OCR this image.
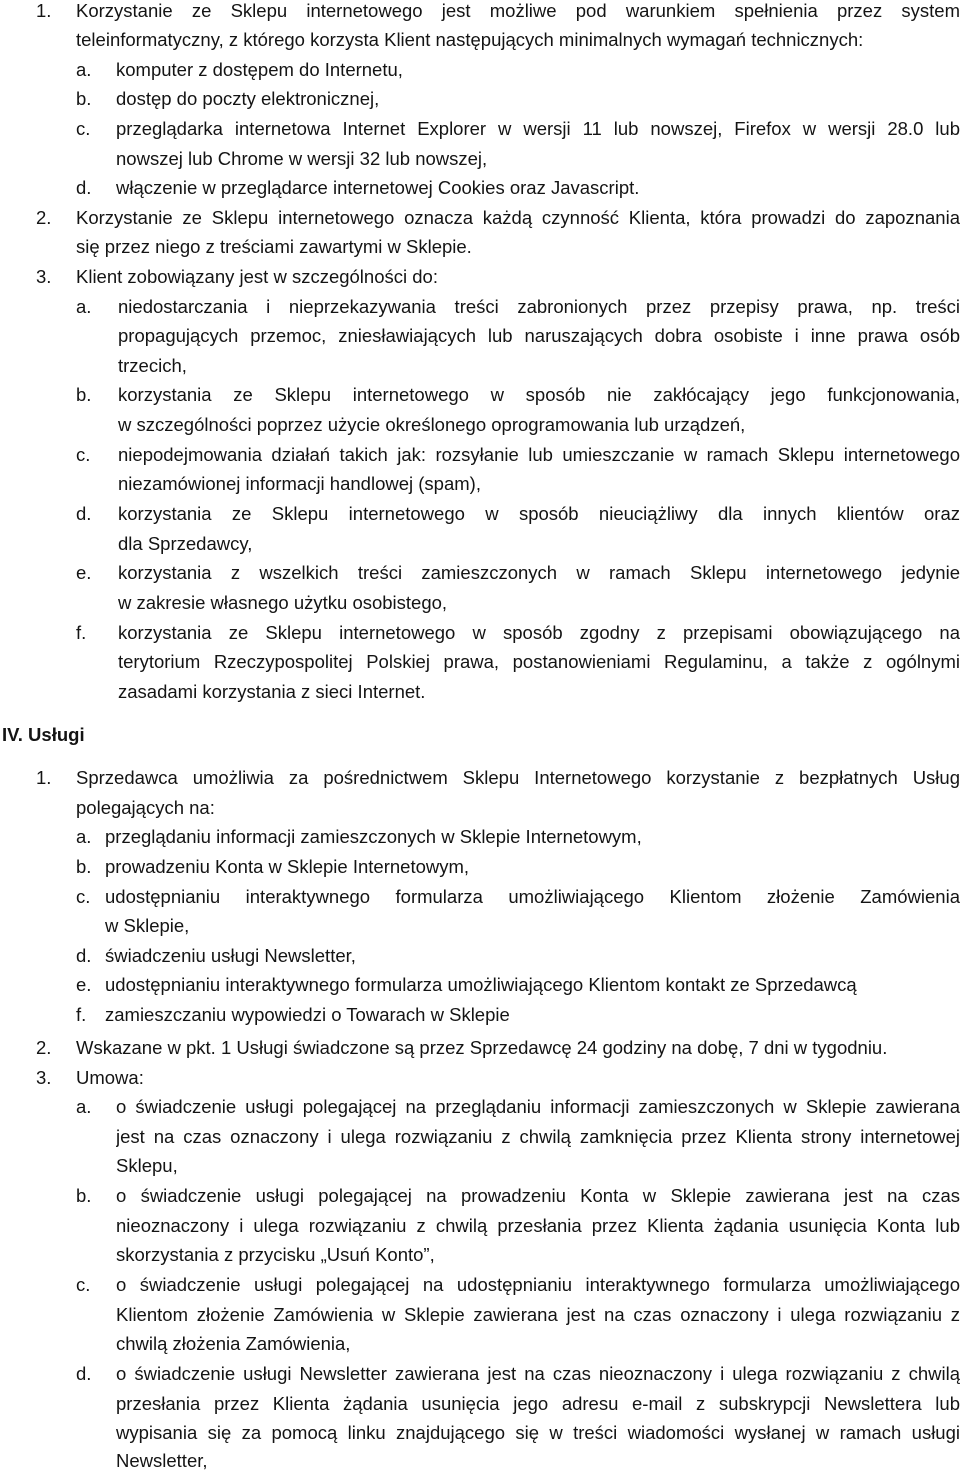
1. Korzystanie ze Sklepu internetowego jest możliwe pod warunkiem spełnienia przez system
teleinformatyczny, z którego korzysta Klient następujących minimalnych wymagań technicznych:
a. komputer z dostępem do Internetu,
b. dostęp do poczty elektronicznej,
c. przeglądarka internetowa Internet Explorer w wersji 11 lub nowszej, Firefox w wersji 28.0 lub
nowszej lub Chrome w wersji 32 lub nowszej,
d. włączenie w przeglądarce internetowej Cookies oraz Javascript.
2. Korzystanie ze Sklepu internetowego oznacza każdą czynność Klienta, która prowadzi do zapoznania
się przez niego z treściami zawartymi w Sklepie.
3. Klient zobowiązany jest w szczególności do:
a. niedostarczania i nieprzekazywania treści zabronionych przez przepisy prawa, np. treści
propagujących przemoc, zniesławiających lub naruszających dobra osobiste i inne prawa osób
trzecich,
b. korzystania ze Sklepu internetowego w sposób nie zakłócający jego funkcjonowania,
w szczególności poprzez użycie określonego oprogramowania lub urządzeń,
c. niepodejmowania działań takich jak: rozsyłanie lub umieszczanie w ramach Sklepu internetowego
niezamówionej informacji handlowej (spam),
d. korzystania ze Sklepu internetowego w sposób nieuciążliwy dla innych klientów oraz
dla Sprzedawcy,
e. korzystania z wszelkich treści zamieszczonych w ramach Sklepu internetowego jedynie
w zakresie własnego użytku osobistego,
f. korzystania ze Sklepu internetowego w sposób zgodny z przepisami obowiązującego na
terytorium Rzeczypospolitej Polskiej prawa, postanowieniami Regulaminu, a także z ogólnymi
zasadami korzystania z sieci Internet.
IV. Usługi
1. Sprzedawca umożliwia za pośrednictwem Sklepu Internetowego korzystanie z bezpłatnych Usług
polegających na:
a. przeglądaniu informacji zamieszczonych w Sklepie Internetowym,
b. prowadzeniu Konta w Sklepie Internetowym,
c. udostępnianiu interaktywnego formularza umożliwiającego Klientom złożenie Zamówienia
w Sklepie,
d. świadczeniu usługi Newsletter,
e. udostępnianiu interaktywnego formularza umożliwiającego Klientom kontakt ze Sprzedawcą
f. zamieszczaniu wypowiedzi o Towarach w Sklepie
2. Wskazane w pkt. 1 Usługi świadczone są przez Sprzedawcę 24 godziny na dobę, 7 dni w tygodniu.
3. Umowa:
a. o świadczenie usługi polegającej na przeglądaniu informacji zamieszczonych w Sklepie zawierana
jest na czas oznaczony i ulega rozwiązaniu z chwilą zamknięcia przez Klienta strony internetowej
Sklepu,
b. o świadczenie usługi polegającej na prowadzeniu Konta w Sklepie zawierana jest na czas
nieoznaczony i ulega rozwiązaniu z chwilą przesłania przez Klienta żądania usunięcia Konta lub
skorzystania z przycisku „Usuń Konto”,
c. o świadczenie usługi polegającej na udostępnianiu interaktywnego formularza umożliwiającego
Klientom złożenie Zamówienia w Sklepie zawierana jest na czas oznaczony i ulega rozwiązaniu z
chwilą złożenia Zamówienia,
d. o świadczenie usługi Newsletter zawierana jest na czas nieoznaczony i ulega rozwiązaniu z chwilą
przesłania przez Klienta żądania usunięcia jego adresu e-mail z subskrypcji Newslettera lub
wypisania się za pomocą linku znajdującego się w treści wiadomości wysłanej w ramach usługi
Newsletter,
